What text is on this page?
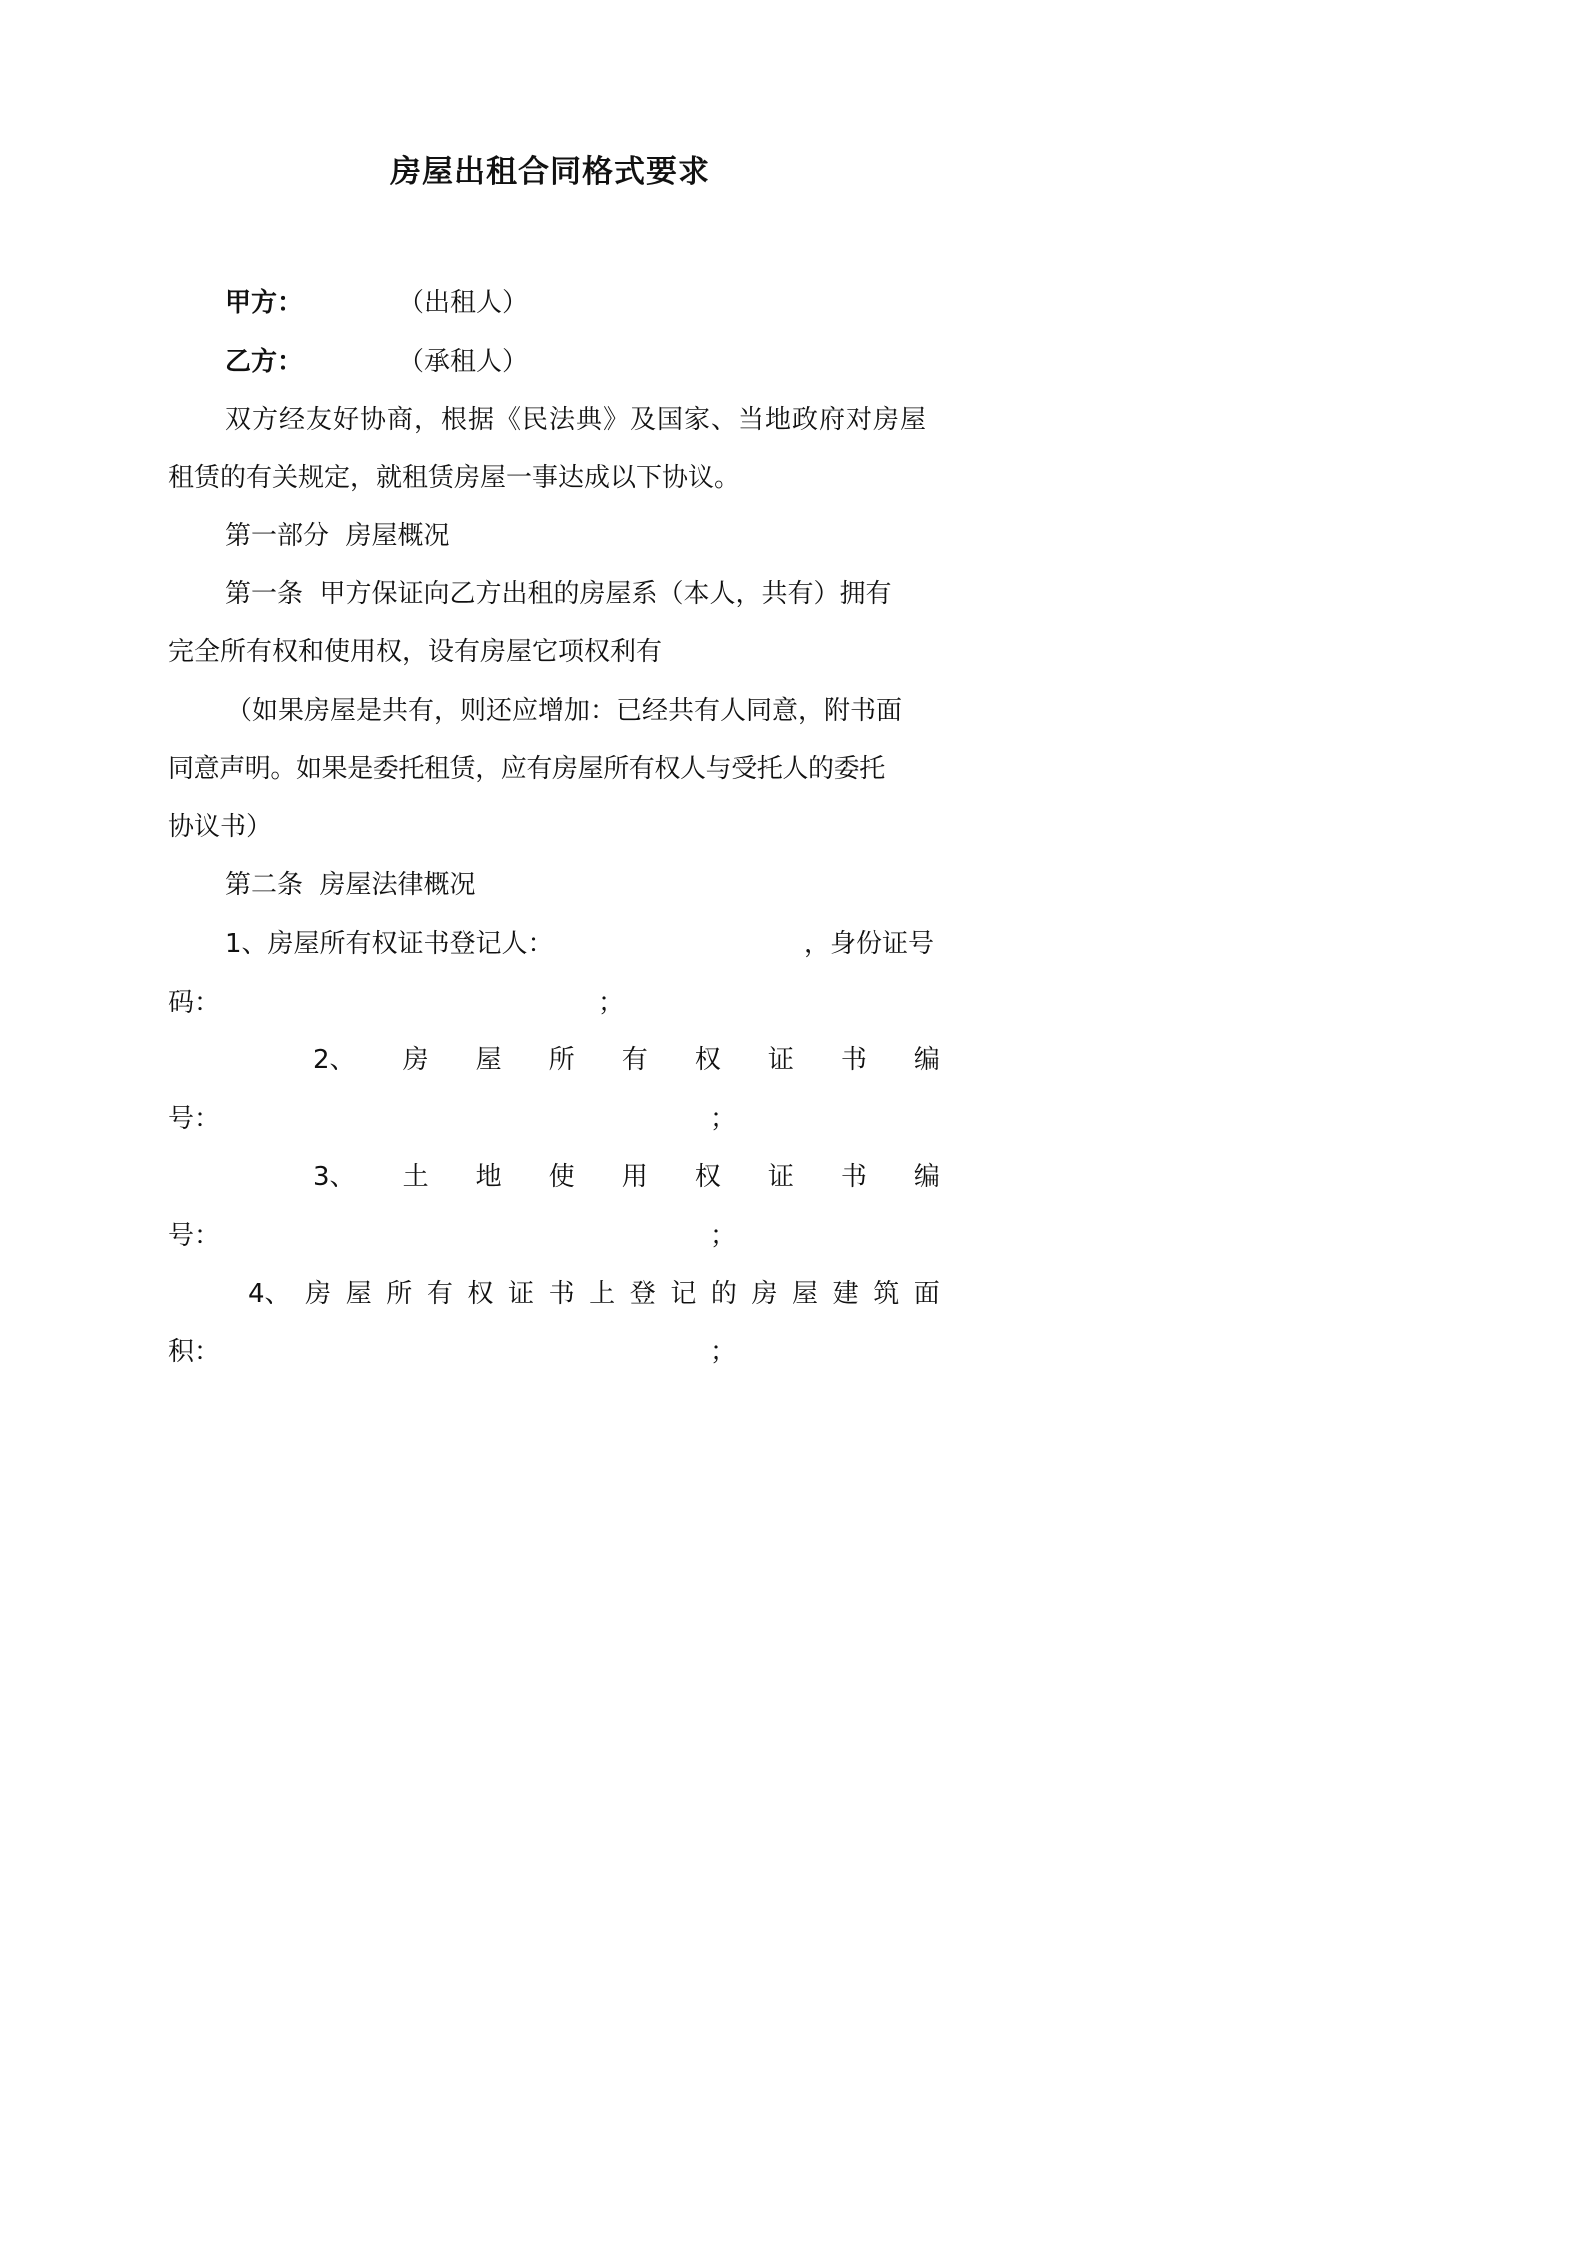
房屋出租合同格式要求
甲方：	（出租人）
乙方：	（承租人）
双方经友好协商，根据《民法典》及国家、当地政府对房屋
租赁的有关规定，就租赁房屋一事达成以下协议。
第一部分  房屋概况
第一条  甲方保证向乙方出租的房屋系（本人，共有）拥有
完全所有权和使用权，设有房屋它项权利有
（如果房屋是共有，则还应增加：已经共有人同意，附书面
同意声明。如果是委托租赁，应有房屋所有权人与受托人的委托
协议书）
第二条  房屋法律概况
1、房屋所有权证书登记人：	，身份证号
码：	；
2、 房 屋 所 有 权 证 书 编
号：	；
3、 土 地 使 用 权 证 书 编
号：	；
4、 房 屋 所 有 权 证 书 上 登 记 的 房 屋 建 筑 面
积：	；
